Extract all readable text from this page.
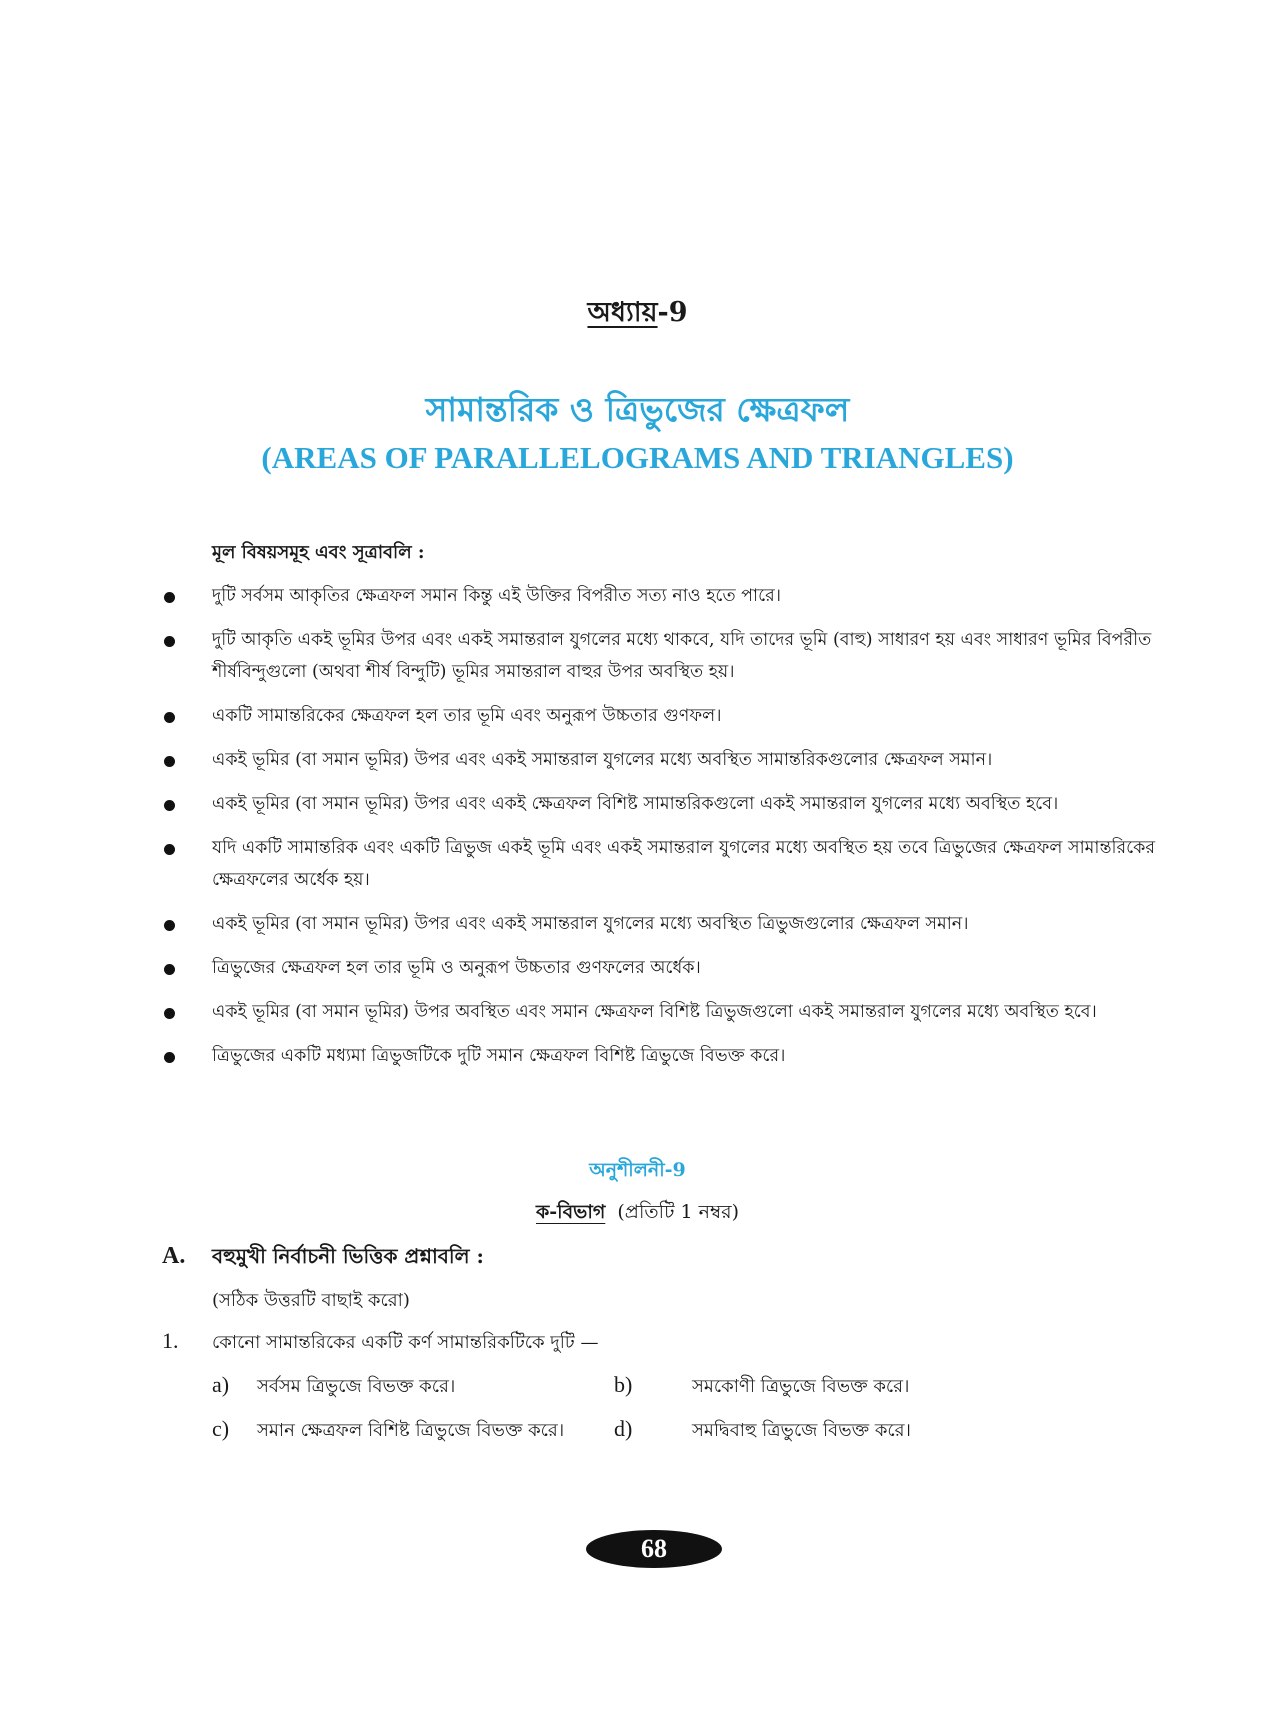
অধ্যায়-9
সামান্তরিক ও ত্রিভুজের ক্ষেত্রফল
(AREAS OF PARALLELOGRAMS AND TRIANGLES)
মূল বিষয়সমূহ এবং সূত্রাবলি :
দুটি সর্বসম আকৃতির ক্ষেত্রফল সমান কিন্তু এই উক্তির বিপরীত সত্য নাও হতে পারে।
দুটি আকৃতি একই ভূমির উপর এবং একই সমান্তরাল যুগলের মধ্যে থাকবে, যদি তাদের ভূমি (বাহু) সাধারণ হয় এবং সাধারণ ভূমির বিপরীত শীর্ষবিন্দুগুলো (অথবা শীর্ষ বিন্দুটি) ভূমির সমান্তরাল বাহুর উপর অবস্থিত হয়।
একটি সামান্তরিকের ক্ষেত্রফল হল তার ভূমি এবং অনুরূপ উচ্চতার গুণফল।
একই ভূমির (বা সমান ভূমির) উপর এবং একই সমান্তরাল যুগলের মধ্যে অবস্থিত সামান্তরিকগুলোর ক্ষেত্রফল সমান।
একই ভূমির (বা সমান ভূমির) উপর এবং একই ক্ষেত্রফল বিশিষ্ট সামান্তরিকগুলো একই সমান্তরাল যুগলের মধ্যে অবস্থিত হবে।
যদি একটি সামান্তরিক এবং একটি ত্রিভুজ একই ভূমি এবং একই সমান্তরাল যুগলের মধ্যে অবস্থিত হয় তবে ত্রিভুজের ক্ষেত্রফল সামান্তরিকের ক্ষেত্রফলের অর্ধেক হয়।
একই ভূমির (বা সমান ভূমির) উপর এবং একই সমান্তরাল যুগলের মধ্যে অবস্থিত ত্রিভুজগুলোর ক্ষেত্রফল সমান।
ত্রিভুজের ক্ষেত্রফল হল তার ভূমি ও অনুরূপ উচ্চতার গুণফলের অর্ধেক।
একই ভূমির (বা সমান ভূমির) উপর অবস্থিত এবং সমান ক্ষেত্রফল বিশিষ্ট ত্রিভুজগুলো একই সমান্তরাল যুগলের মধ্যে অবস্থিত হবে।
ত্রিভুজের একটি মধ্যমা ত্রিভুজটিকে দুটি সমান ক্ষেত্রফল বিশিষ্ট ত্রিভুজে বিভক্ত করে।
অনুশীলনী-9
ক-বিভাগ (প্রতিটি 1 নম্বর)
A. বহুমুখী নির্বাচনী ভিত্তিক প্রশ্নাবলি :
(সঠিক উত্তরটি বাছাই করো)
1. কোনো সামান্তরিকের একটি কর্ণ সামান্তরিকটিকে দুটি —
a) সর্বসম ত্রিভুজে বিভক্ত করে।	b)	সমকোণী ত্রিভুজে বিভক্ত করে।
c) সমান ক্ষেত্রফল বিশিষ্ট ত্রিভুজে বিভক্ত করে। d)	সমদ্বিবাহু ত্রিভুজে বিভক্ত করে।
68
